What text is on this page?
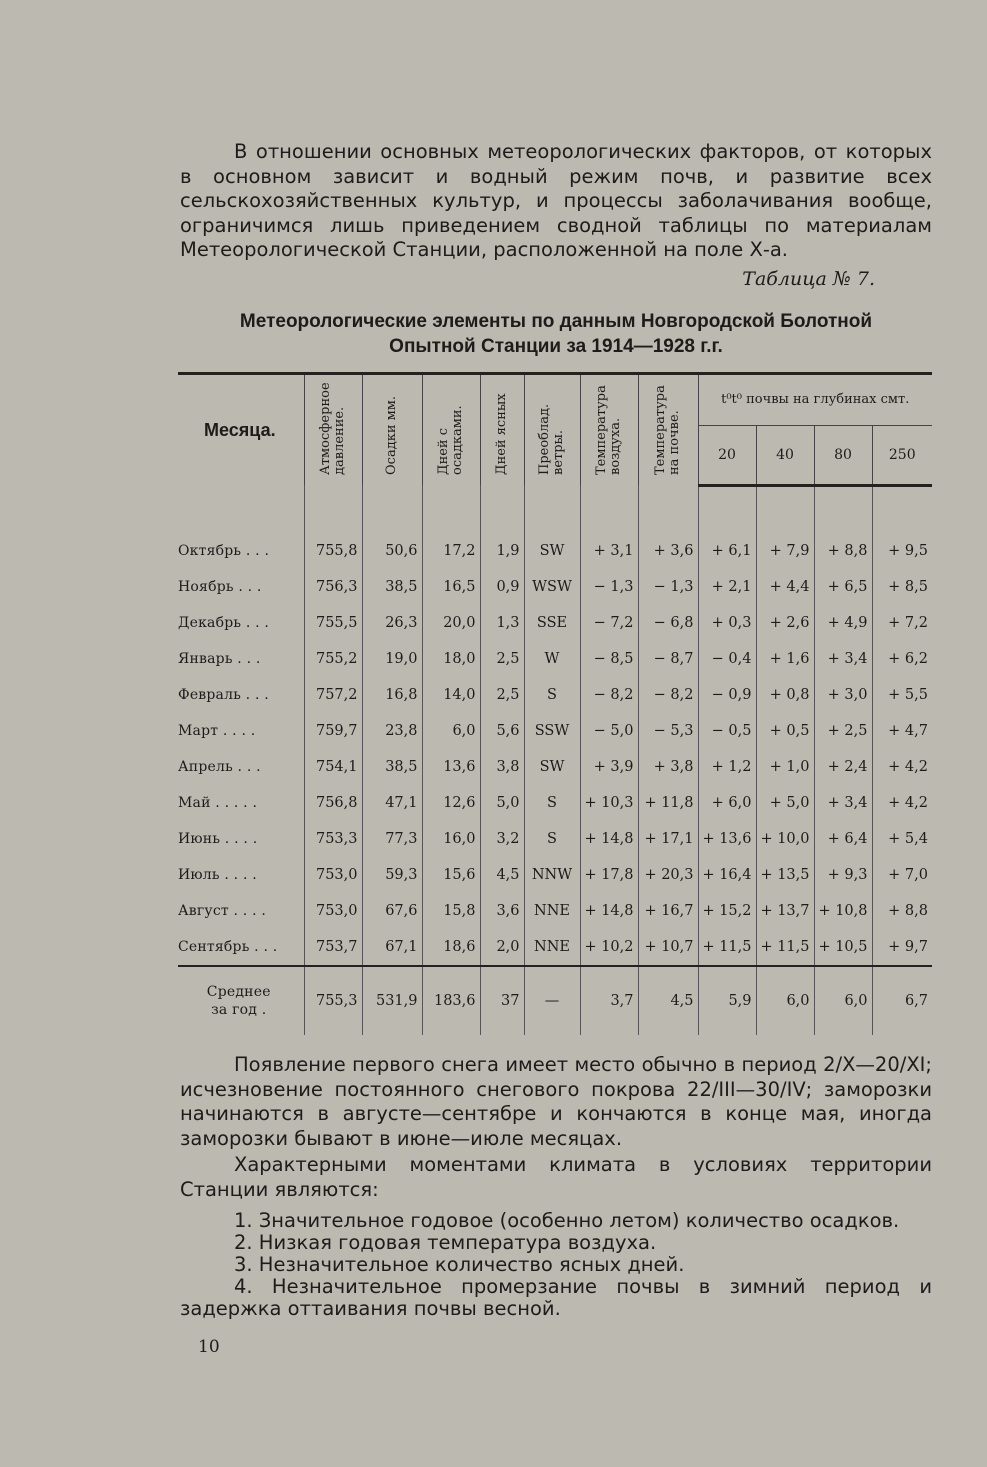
В отношении основных метеорологических факторов, от которых в основном зависит и водный режим почв, и развитие всех сельскохозяйственных культур, и процессы заболачивания вообще, ограничимся лишь приведением сводной таблицы по материалам Метеорологической Станции, расположенной на поле Х-а.

Таблица № 7.
Метеорологические элементы по данным Новгородской Болотной
Опытной Станции за 1914—1928 г.г.
Месяца.	Атмосферное давление.	Осадки мм.	Дней с осадками.	Дней ясных	Преоблад. ветры.	Температура воздуха.	Температура на почве.	t⁰t⁰ почвы на глубинах смт.			
								20	40	80	250

Октябрь . . .	755,8	50,6	17,2	1,9	SW	+ 3,1	+ 3,6	+ 6,1	+ 7,9	+ 8,8	+ 9,5
Ноябрь . . .	756,3	38,5	16,5	0,9	WSW	− 1,3	− 1,3	+ 2,1	+ 4,4	+ 6,5	+ 8,5
Декабрь . . .	755,5	26,3	20,0	1,3	SSE	− 7,2	− 6,8	+ 0,3	+ 2,6	+ 4,9	+ 7,2
Январь . . .	755,2	19,0	18,0	2,5	W	− 8,5	− 8,7	− 0,4	+ 1,6	+ 3,4	+ 6,2
Февраль . . .	757,2	16,8	14,0	2,5	S	− 8,2	− 8,2	− 0,9	+ 0,8	+ 3,0	+ 5,5
Март . . . .	759,7	23,8	6,0	5,6	SSW	− 5,0	− 5,3	− 0,5	+ 0,5	+ 2,5	+ 4,7
Апрель . . .	754,1	38,5	13,6	3,8	SW	+ 3,9	+ 3,8	+ 1,2	+ 1,0	+ 2,4	+ 4,2
Май . . . . .	756,8	47,1	12,6	5,0	S	+ 10,3	+ 11,8	+ 6,0	+ 5,0	+ 3,4	+ 4,2
Июнь . . . .	753,3	77,3	16,0	3,2	S	+ 14,8	+ 17,1	+ 13,6	+ 10,0	+ 6,4	+ 5,4
Июль . . . .	753,0	59,3	15,6	4,5	NNW	+ 17,8	+ 20,3	+ 16,4	+ 13,5	+ 9,3	+ 7,0
Август . . . .	753,0	67,6	15,8	3,6	NNE	+ 14,8	+ 16,7	+ 15,2	+ 13,7	+ 10,8	+ 8,8
Сентябрь . . .	753,7	67,1	18,6	2,0	NNE	+ 10,2	+ 10,7	+ 11,5	+ 11,5	+ 10,5	+ 9,7

Среднее
за год .	755,3	531,9	183,6	37	—	3,7	4,5	5,9	6,0	6,0	6,7

Появление первого снега имеет место обычно в период 2/X—20/XI; исчезновение постоянного снегового покрова 22/III—30/IV; заморозки начинаются в августе—сентябре и кончаются в конце мая, иногда заморозки бывают в июне—июле месяцах.

Характерными моментами климата в условиях территории Станции являются:

1. Значительное годовое (особенно летом) количество осадков.

2. Низкая годовая температура воздуха.

3. Незначительное количество ясных дней.

4. Незначительное промерзание почвы в зимний период и задержка оттаивания почвы весной.

10
